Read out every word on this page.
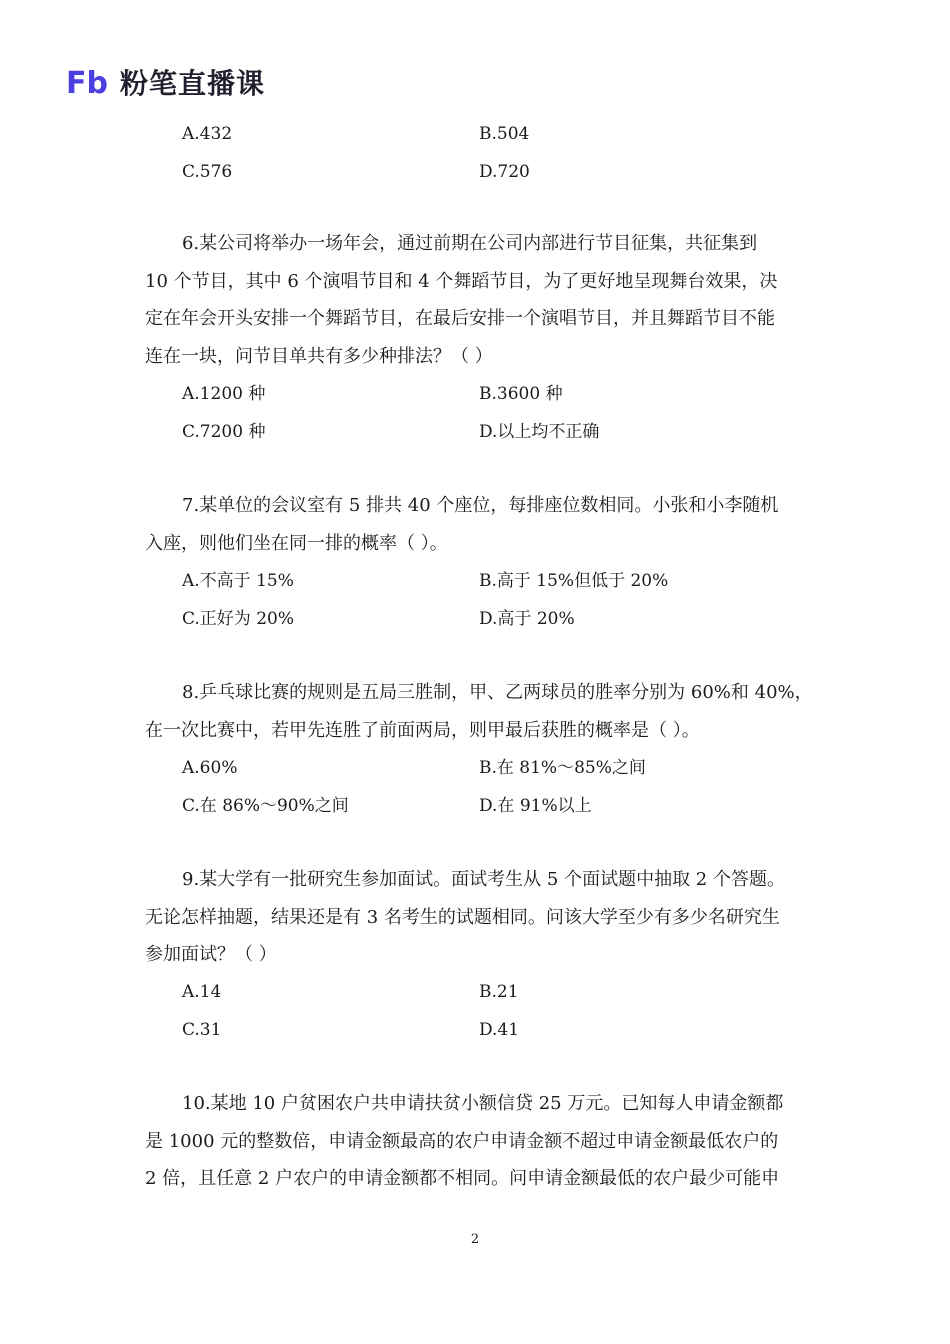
Fb 粉笔直播课
A.432	B.504
C.576	D.720
6.某公司将举办一场年会，通过前期在公司内部进行节目征集，共征集到
10 个节目，其中 6 个演唱节目和 4 个舞蹈节目，为了更好地呈现舞台效果，决
定在年会开头安排一个舞蹈节目，在最后安排一个演唱节目，并且舞蹈节目不能
连在一块，问节目单共有多少种排法？（ ）
A.1200 种	B.3600 种
C.7200 种	D.以上均不正确
7.某单位的会议室有 5 排共 40 个座位，每排座位数相同。小张和小李随机
入座，则他们坐在同一排的概率（ ）。
A.不高于 15%	B.高于 15%但低于 20%
C.正好为 20%	D.高于 20%
8.乒乓球比赛的规则是五局三胜制，甲、乙两球员的胜率分别为 60%和 40%，
在一次比赛中，若甲先连胜了前面两局，则甲最后获胜的概率是（ ）。
A.60%	B.在 81%～85%之间
C.在 86%～90%之间	D.在 91%以上
9.某大学有一批研究生参加面试。面试考生从 5 个面试题中抽取 2 个答题。
无论怎样抽题，结果还是有 3 名考生的试题相同。问该大学至少有多少名研究生
参加面试？（ ）
A.14	B.21
C.31	D.41
10.某地 10 户贫困农户共申请扶贫小额信贷 25 万元。已知每人申请金额都
是 1000 元的整数倍，申请金额最高的农户申请金额不超过申请金额最低农户的
2 倍，且任意 2 户农户的申请金额都不相同。问申请金额最低的农户最少可能申
2
